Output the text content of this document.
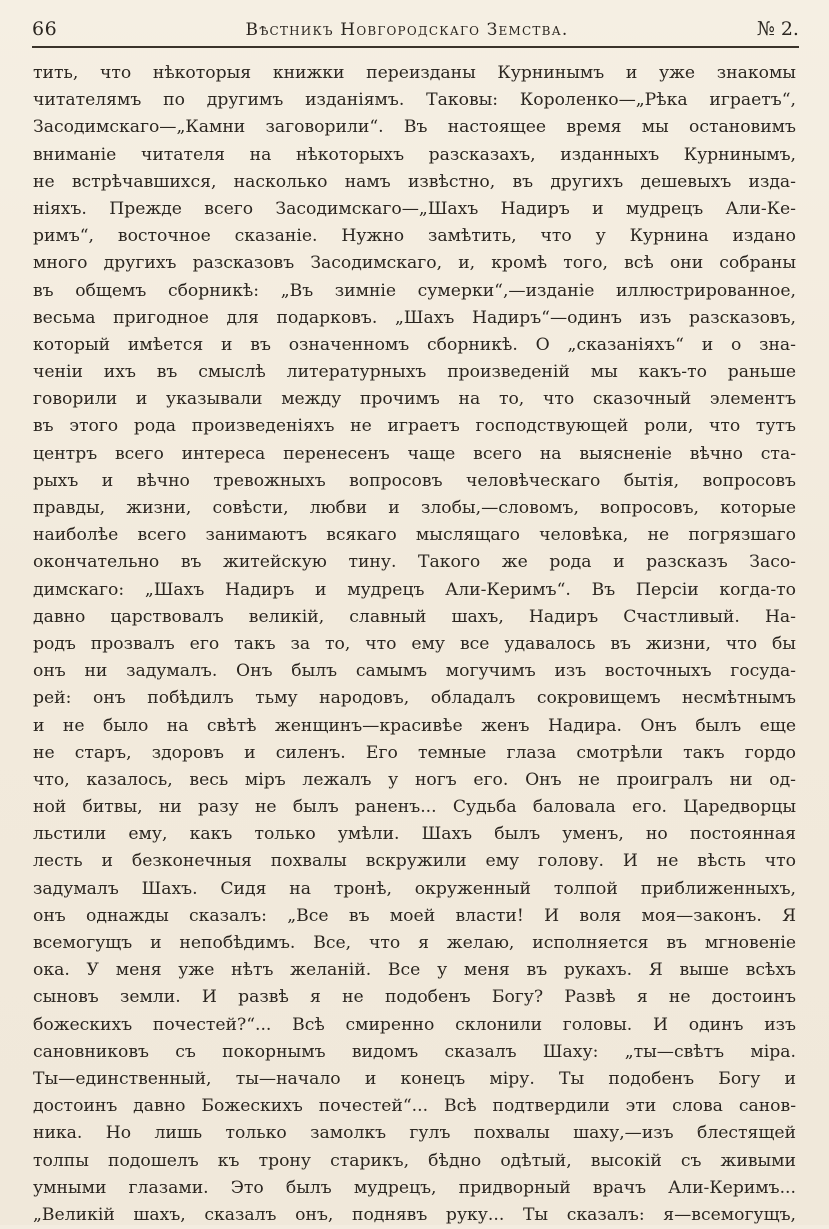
66	Вѣстникъ Новгородскаго Земства.	№ 2.
тить, что нѣкоторыя книжки переизданы Курнинымъ и уже знакомы
читателямъ по другимъ изданіямъ. Таковы: Короленко—„Рѣка играетъ“,
Засодимскаго—„Камни заговорили“. Въ настоящее время мы остановимъ
вниманіе читателя на нѣкоторыхъ разсказахъ, изданныхъ Курнинымъ,
не встрѣчавшихся, насколько намъ извѣстно, въ другихъ дешевыхъ изда-
ніяхъ. Прежде всего Засодимскаго—„Шахъ Надиръ и мудрецъ Али-Ке-
римъ“, восточное сказаніе. Нужно замѣтить, что у Курнина издано
много другихъ разсказовъ Засодимскаго, и, кромѣ того, всѣ они собраны
въ общемъ сборникѣ: „Въ зимніе сумерки“,—изданіе иллюстрированное,
весьма пригодное для подарковъ. „Шахъ Надиръ“—одинъ изъ разсказовъ,
который имѣется и въ означенномъ сборникѣ. О „сказаніяхъ“ и о зна-
ченіи ихъ въ смыслѣ литературныхъ произведеній мы какъ-то раньше
говорили и указывали между прочимъ на то, что сказочный элементъ
въ этого рода произведеніяхъ не играетъ господствующей роли, что тутъ
центръ всего интереса перенесенъ чаще всего на выясненіе вѣчно ста-
рыхъ и вѣчно тревожныхъ вопросовъ человѣческаго бытія, вопросовъ
правды, жизни, совѣсти, любви и злобы,—словомъ, вопросовъ, которые
наиболѣе всего занимаютъ всякаго мыслящаго человѣка, не погрязшаго
окончательно въ житейскую тину. Такого же рода и разсказъ Засо-
димскаго: „Шахъ Надиръ и мудрецъ Али-Керимъ“. Въ Персіи когда-то
давно царствовалъ великій, славный шахъ, Надиръ Счастливый. На-
родъ прозвалъ его такъ за то, что ему все удавалось въ жизни, что бы
онъ ни задумалъ. Онъ былъ самымъ могучимъ изъ восточныхъ госуда-
рей: онъ побѣдилъ тьму народовъ, обладалъ сокровищемъ несмѣтнымъ
и не было на свѣтѣ женщинъ—красивѣе женъ Надира. Онъ былъ еще
не старъ, здоровъ и силенъ. Его темные глаза смотрѣли такъ гордо
что, казалось, весь міръ лежалъ у ногъ его. Онъ не проигралъ ни од-
ной битвы, ни разу не былъ раненъ... Судьба баловала его. Царедворцы
льстили ему, какъ только умѣли. Шахъ былъ уменъ, но постоянная
лесть и безконечныя похвалы вскружили ему голову. И не вѣсть что
задумалъ Шахъ. Сидя на тронѣ, окруженный толпой приближенныхъ,
онъ однажды сказалъ: „Все въ моей власти! И воля моя—законъ. Я
всемогущъ и непобѣдимъ. Все, что я желаю, исполняется въ мгновеніе
ока. У меня уже нѣтъ желаній. Все у меня въ рукахъ. Я выше всѣхъ
сыновъ земли. И развѣ я не подобенъ Богу? Развѣ я не достоинъ
божескихъ почестей?“... Всѣ смиренно склонили головы. И одинъ изъ
сановниковъ съ покорнымъ видомъ сказалъ Шаху: „ты—свѣтъ міра.
Ты—единственный, ты—начало и конецъ міру. Ты подобенъ Богу и
достоинъ давно Божескихъ почестей“... Всѣ подтвердили эти слова санов-
ника. Но лишь только замолкъ гулъ похвалы шаху,—изъ блестящей
толпы подошелъ къ трону старикъ, бѣдно одѣтый, высокій съ живыми
умными глазами. Это былъ мудрецъ, придворный врачъ Али-Керимъ...
„Великій шахъ, сказалъ онъ, поднявъ руку... Ты сказалъ: я—всемогущъ,
